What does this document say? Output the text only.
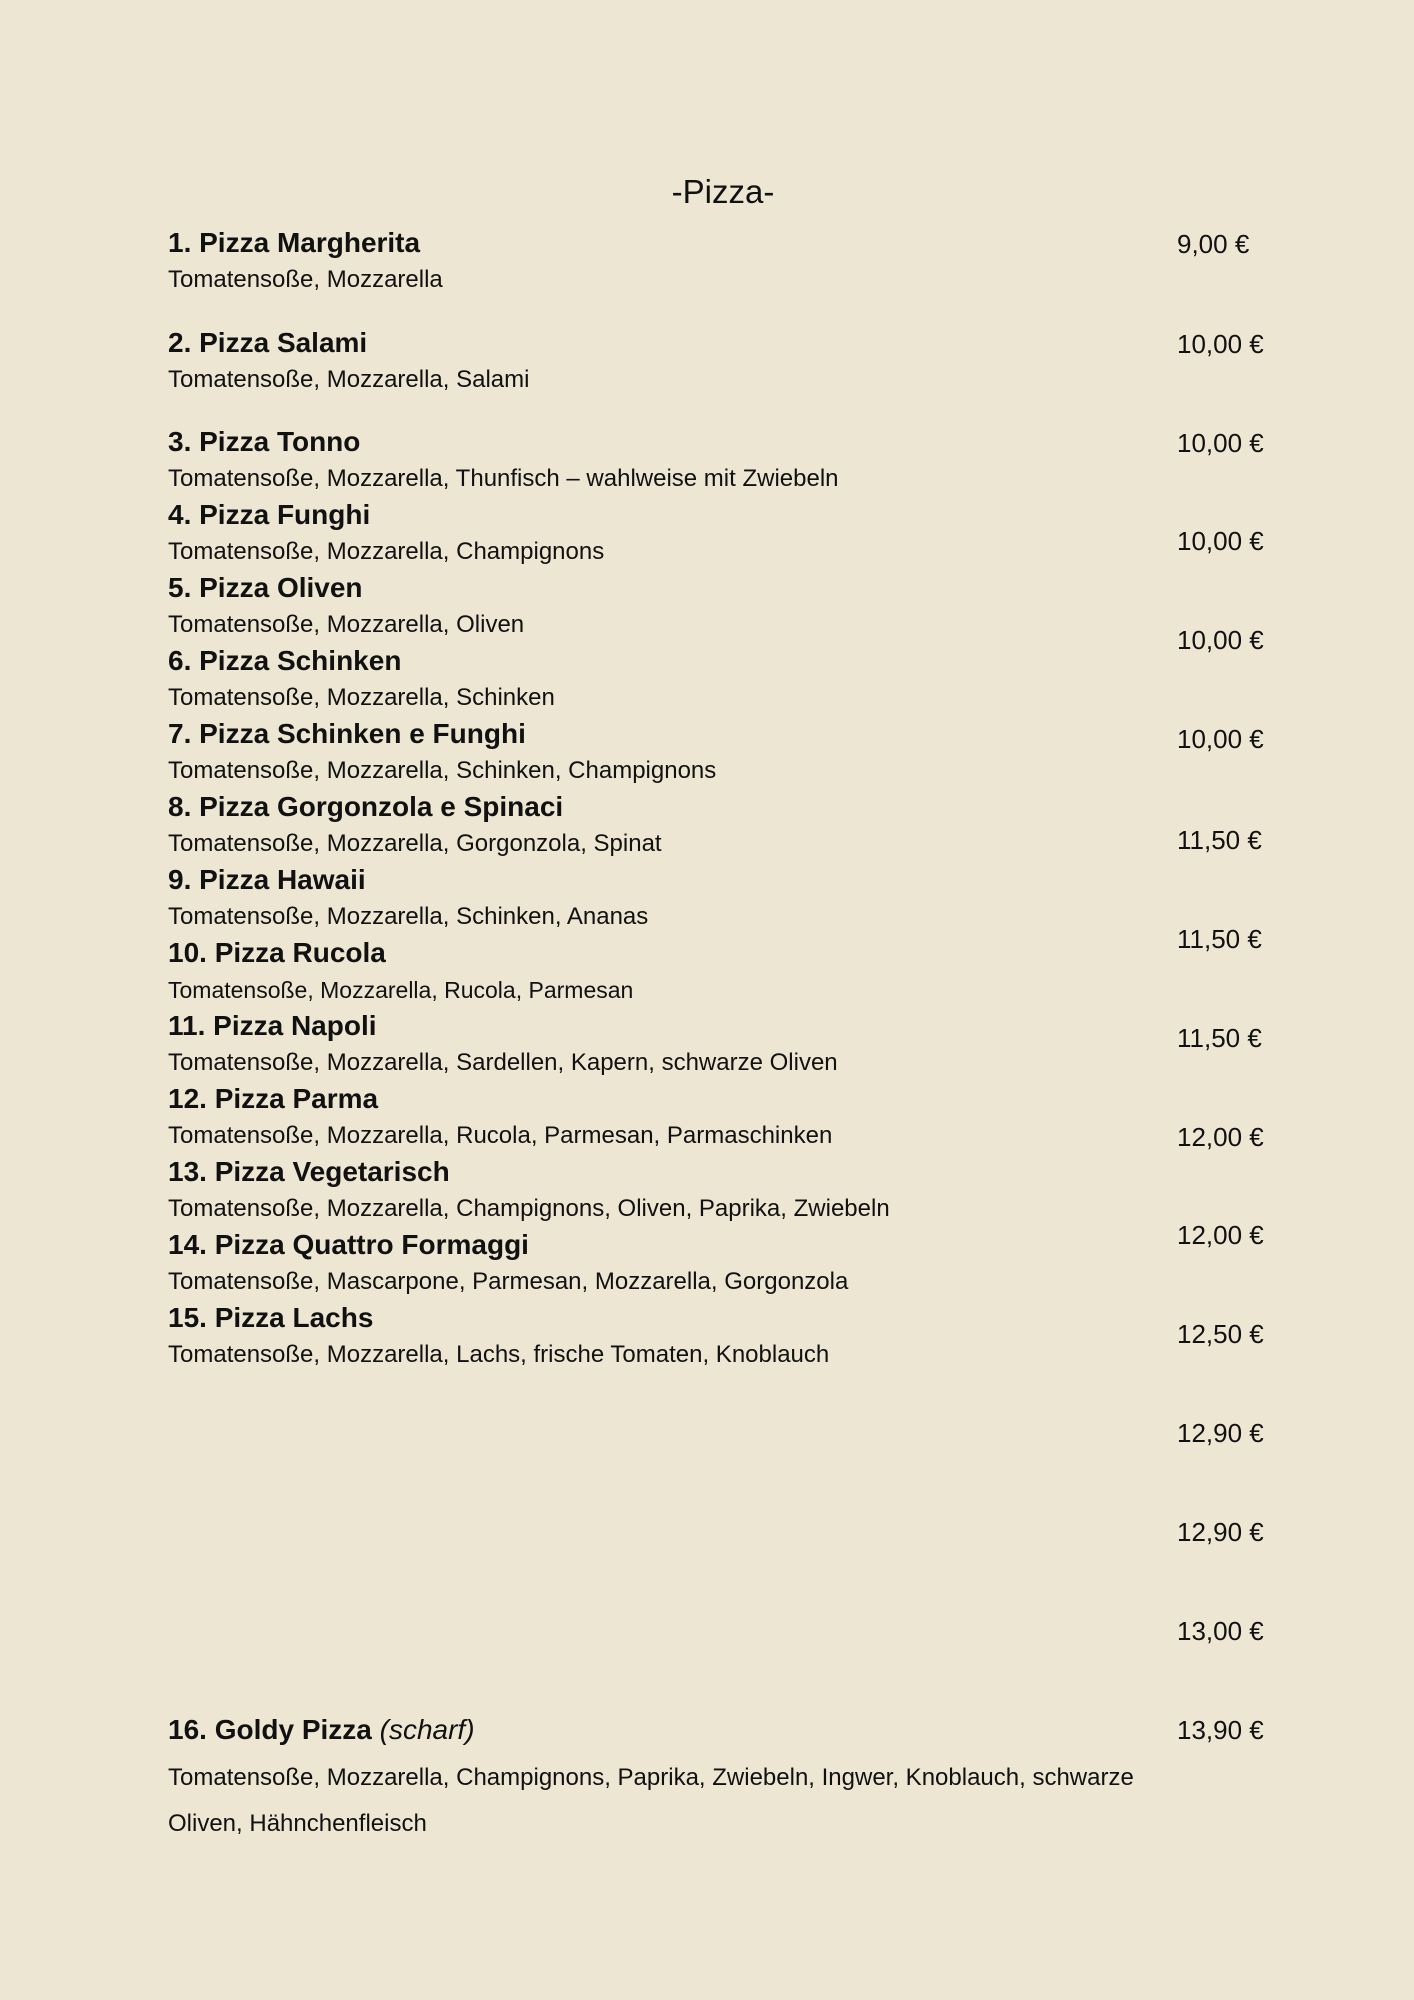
-Pizza-
1. Pizza Margherita
Tomatensoße, Mozzarella
2. Pizza Salami
Tomatensoße, Mozzarella, Salami
3. Pizza Tonno
Tomatensoße, Mozzarella, Thunfisch – wahlweise mit Zwiebeln
4. Pizza Funghi
Tomatensoße, Mozzarella, Champignons
5. Pizza Oliven
Tomatensoße, Mozzarella, Oliven
6. Pizza Schinken
Tomatensoße, Mozzarella, Schinken
7. Pizza Schinken e Funghi
Tomatensoße, Mozzarella, Schinken, Champignons
8. Pizza Gorgonzola e Spinaci
Tomatensoße, Mozzarella, Gorgonzola, Spinat
9. Pizza Hawaii
Tomatensoße, Mozzarella, Schinken, Ananas
10. Pizza Rucola
Tomatensoße, Mozzarella, Rucola, Parmesan
11. Pizza Napoli
Tomatensoße, Mozzarella, Sardellen, Kapern, schwarze Oliven
12. Pizza Parma
Tomatensoße, Mozzarella, Rucola, Parmesan, Parmaschinken
13. Pizza Vegetarisch
Tomatensoße, Mozzarella, Champignons, Oliven, Paprika, Zwiebeln
14. Pizza Quattro Formaggi
Tomatensoße, Mascarpone, Parmesan, Mozzarella, Gorgonzola
15. Pizza Lachs
Tomatensoße, Mozzarella, Lachs, frische Tomaten, Knoblauch
16. Goldy Pizza (scharf)
Tomatensoße, Mozzarella, Champignons, Paprika, Zwiebeln, Ingwer, Knoblauch, schwarze Oliven, Hähnchenfleisch
9,00 €
10,00 €
10,00 €
10,00 €
10,00 €
10,00 €
11,50 €
11,50 €
11,50 €
12,00 €
12,00 €
12,50 €
12,90 €
12,90 €
13,00 €
13,90 €
